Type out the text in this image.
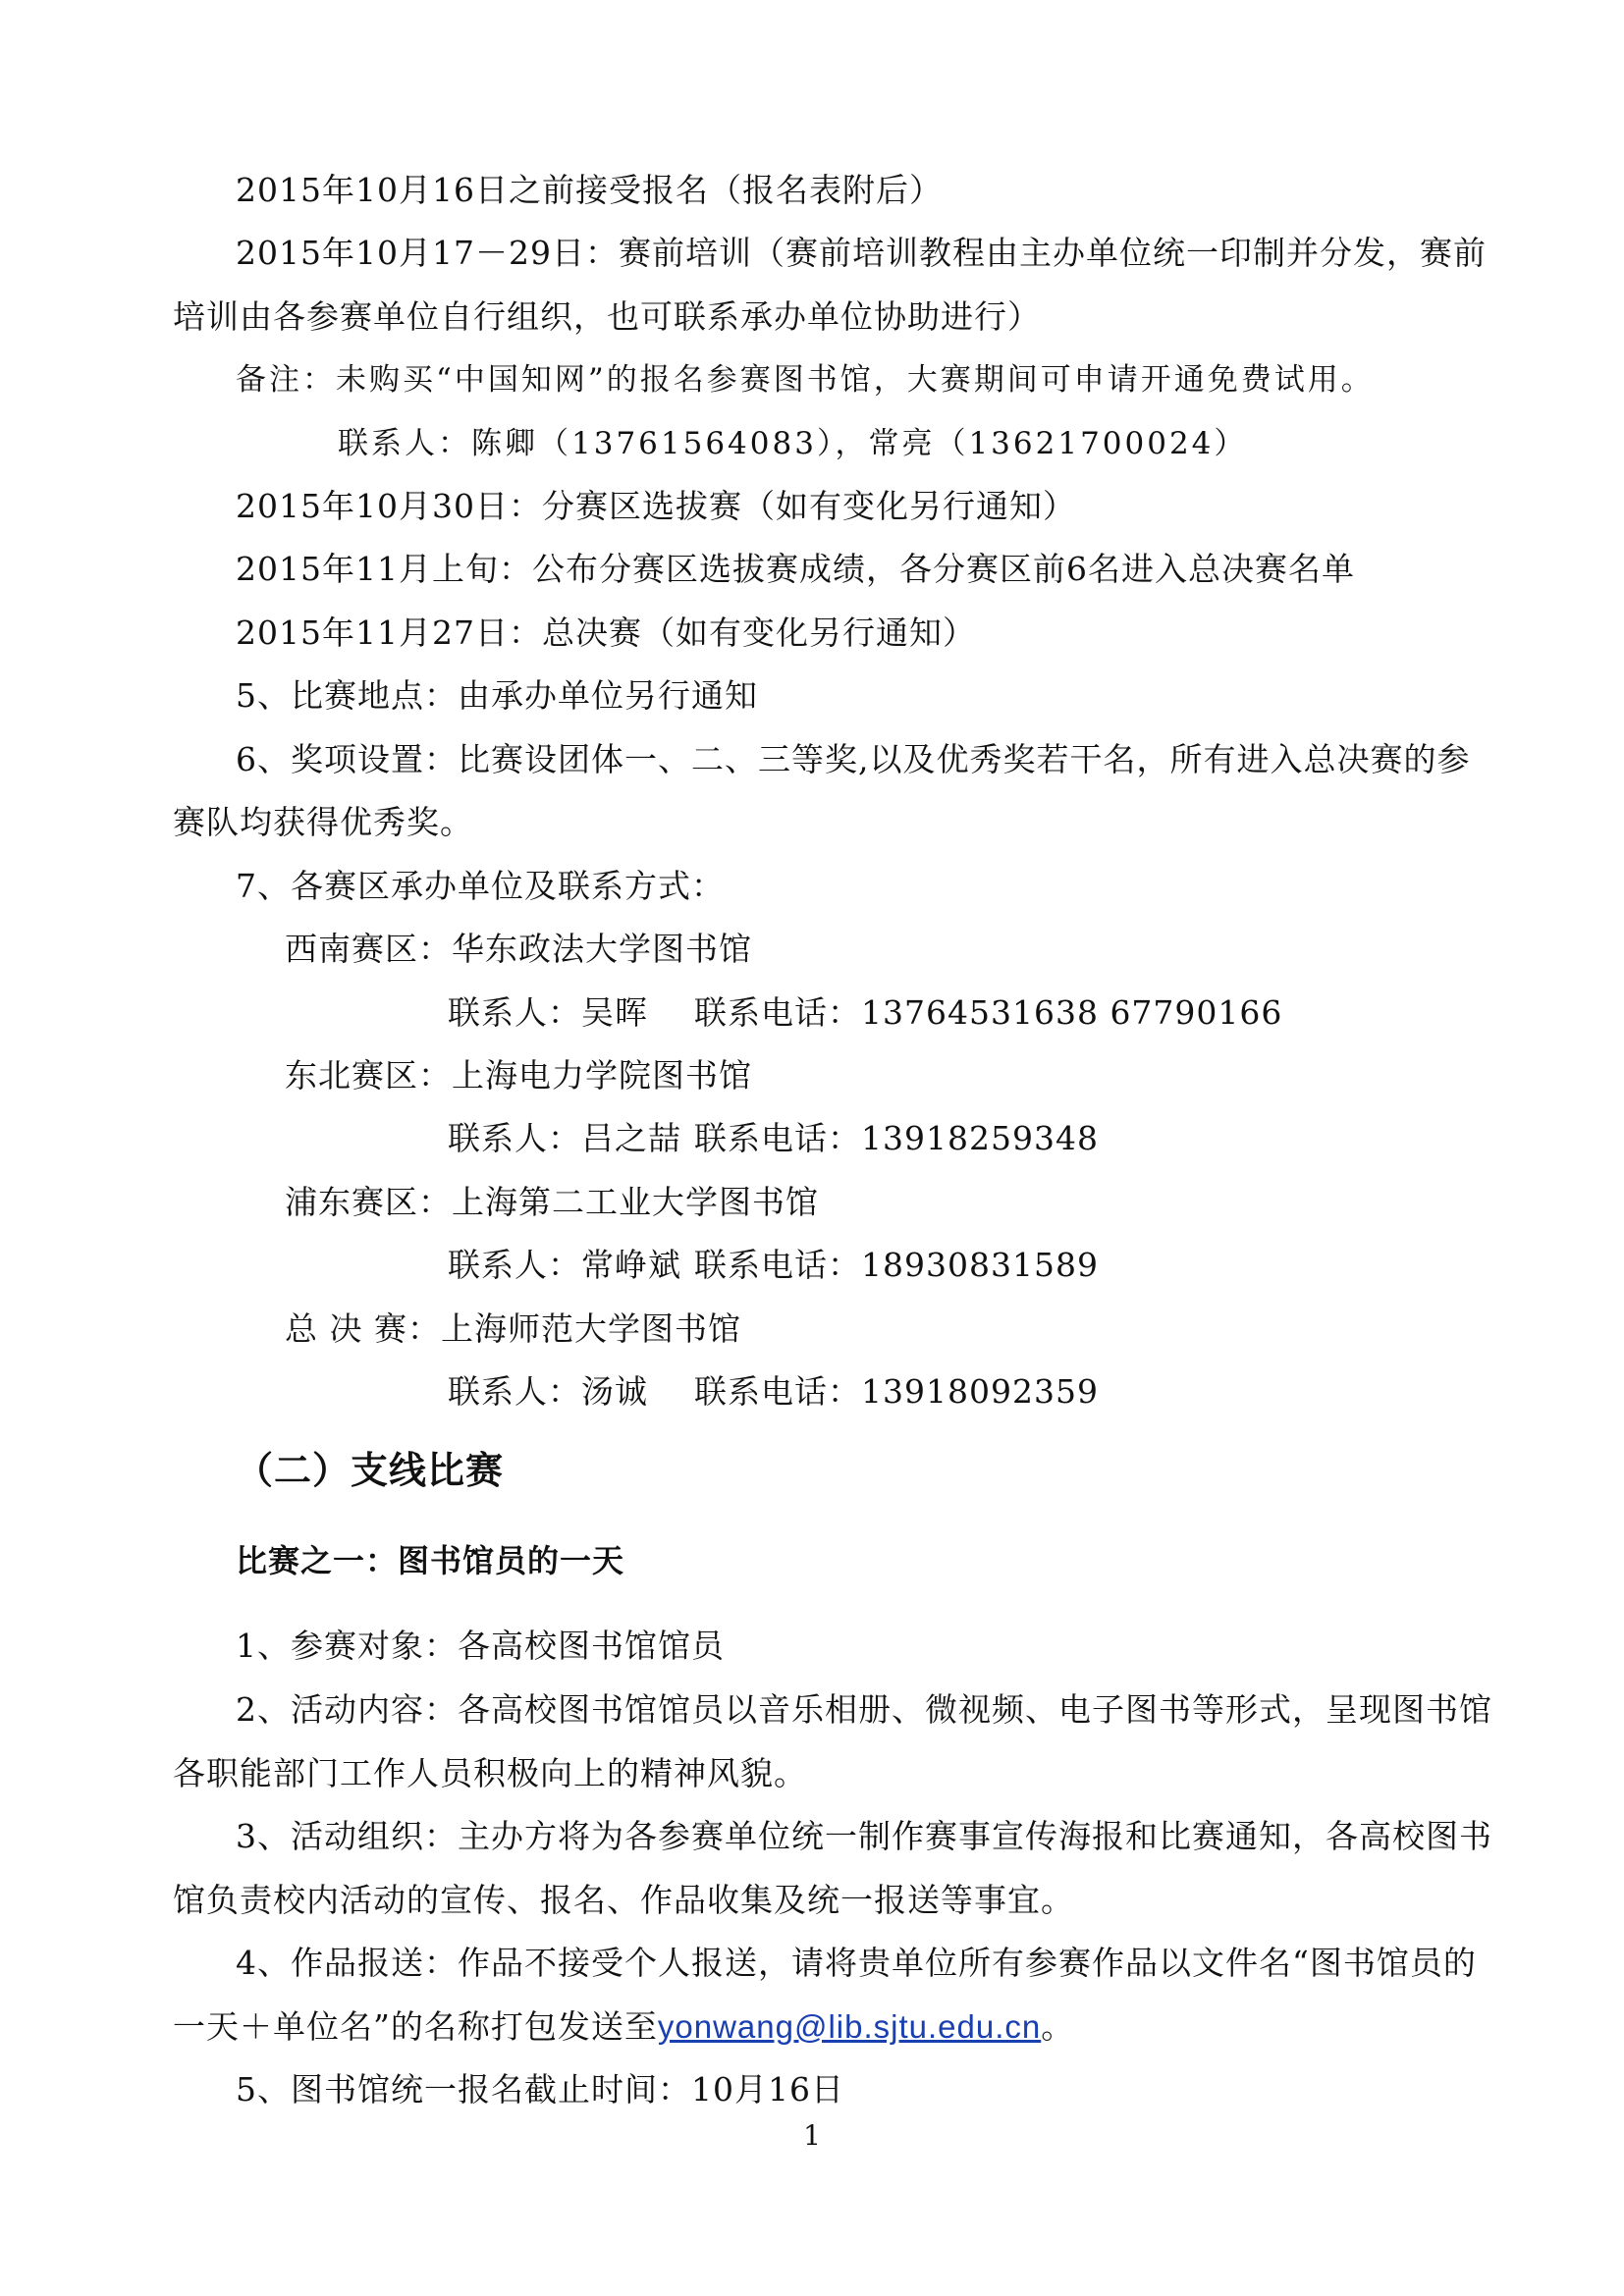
2015年10月16日之前接受报名（报名表附后）
2015年10月17－29日：赛前培训（赛前培训教程由主办单位统一印制并分发，赛前
培训由各参赛单位自行组织，也可联系承办单位协助进行）
备注：未购买“中国知网”的报名参赛图书馆，大赛期间可申请开通免费试用。
联系人：陈卿（13761564083），常亮（13621700024）
2015年10月30日：分赛区选拔赛（如有变化另行通知）
2015年11月上旬：公布分赛区选拔赛成绩，各分赛区前6名进入总决赛名单
2015年11月27日：总决赛（如有变化另行通知）
5、比赛地点：由承办单位另行通知
6、奖项设置：比赛设团体一、二、三等奖,以及优秀奖若干名，所有进入总决赛的参
赛队均获得优秀奖。
7、各赛区承办单位及联系方式：
西南赛区：华东政法大学图书馆
联系人：吴晖 联系电话：13764531638 67790166
东北赛区：上海电力学院图书馆
联系人：吕之喆 联系电话：13918259348
浦东赛区：上海第二工业大学图书馆
联系人：常峥斌 联系电话：18930831589
总 决 赛：上海师范大学图书馆
联系人：汤诚 联系电话：13918092359
（二）支线比赛
比赛之一：图书馆员的一天
1、参赛对象：各高校图书馆馆员
2、活动内容：各高校图书馆馆员以音乐相册、微视频、电子图书等形式，呈现图书馆
各职能部门工作人员积极向上的精神风貌。
3、活动组织：主办方将为各参赛单位统一制作赛事宣传海报和比赛通知，各高校图书
馆负责校内活动的宣传、报名、作品收集及统一报送等事宜。
4、作品报送：作品不接受个人报送，请将贵单位所有参赛作品以文件名“图书馆员的
一天＋单位名”的名称打包发送至yonwang@lib.sjtu.edu.cn。
5、图书馆统一报名截止时间：10月16日
1
